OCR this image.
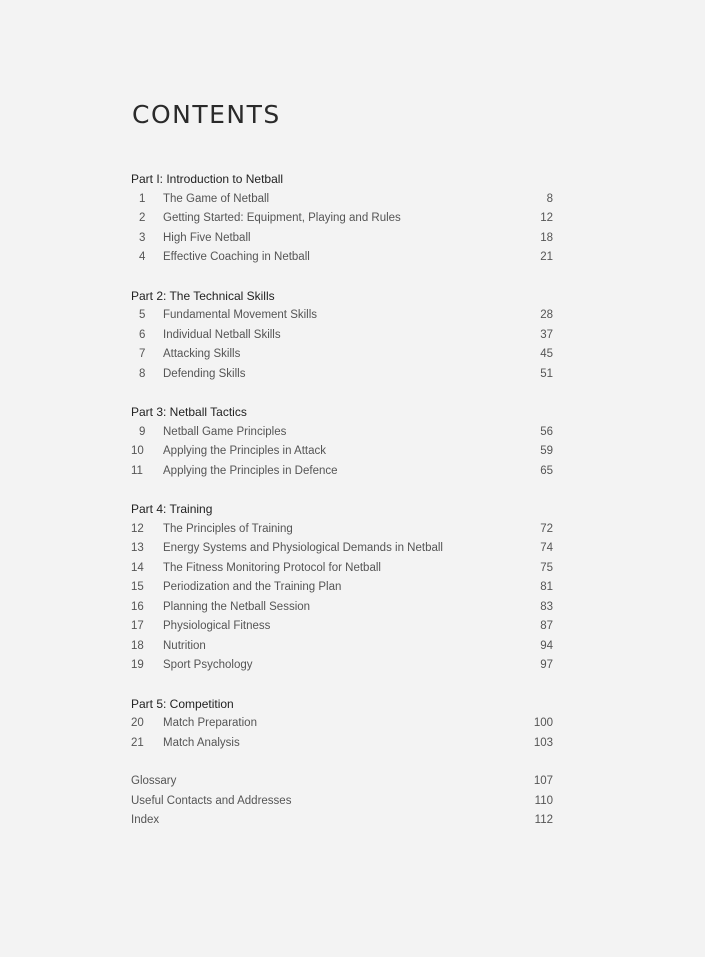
CONTENTS
Part I: Introduction to Netball
1	The Game of Netball	8
2	Getting Started: Equipment, Playing and Rules	12
3	High Five Netball	18
4	Effective Coaching in Netball	21
Part 2: The Technical Skills
5	Fundamental Movement Skills	28
6	Individual Netball Skills	37
7	Attacking Skills	45
8	Defending Skills	51
Part 3: Netball Tactics
9	Netball Game Principles	56
10	Applying the Principles in Attack	59
11	Applying the Principles in Defence	65
Part 4: Training
12	The Principles of Training	72
13	Energy Systems and Physiological Demands in Netball	74
14	The Fitness Monitoring Protocol for Netball	75
15	Periodization and the Training Plan	81
16	Planning the Netball Session	83
17	Physiological Fitness	87
18	Nutrition	94
19	Sport Psychology	97
Part 5: Competition
20	Match Preparation	100
21	Match Analysis	103
Glossary	107
Useful Contacts and Addresses	110
Index	112
